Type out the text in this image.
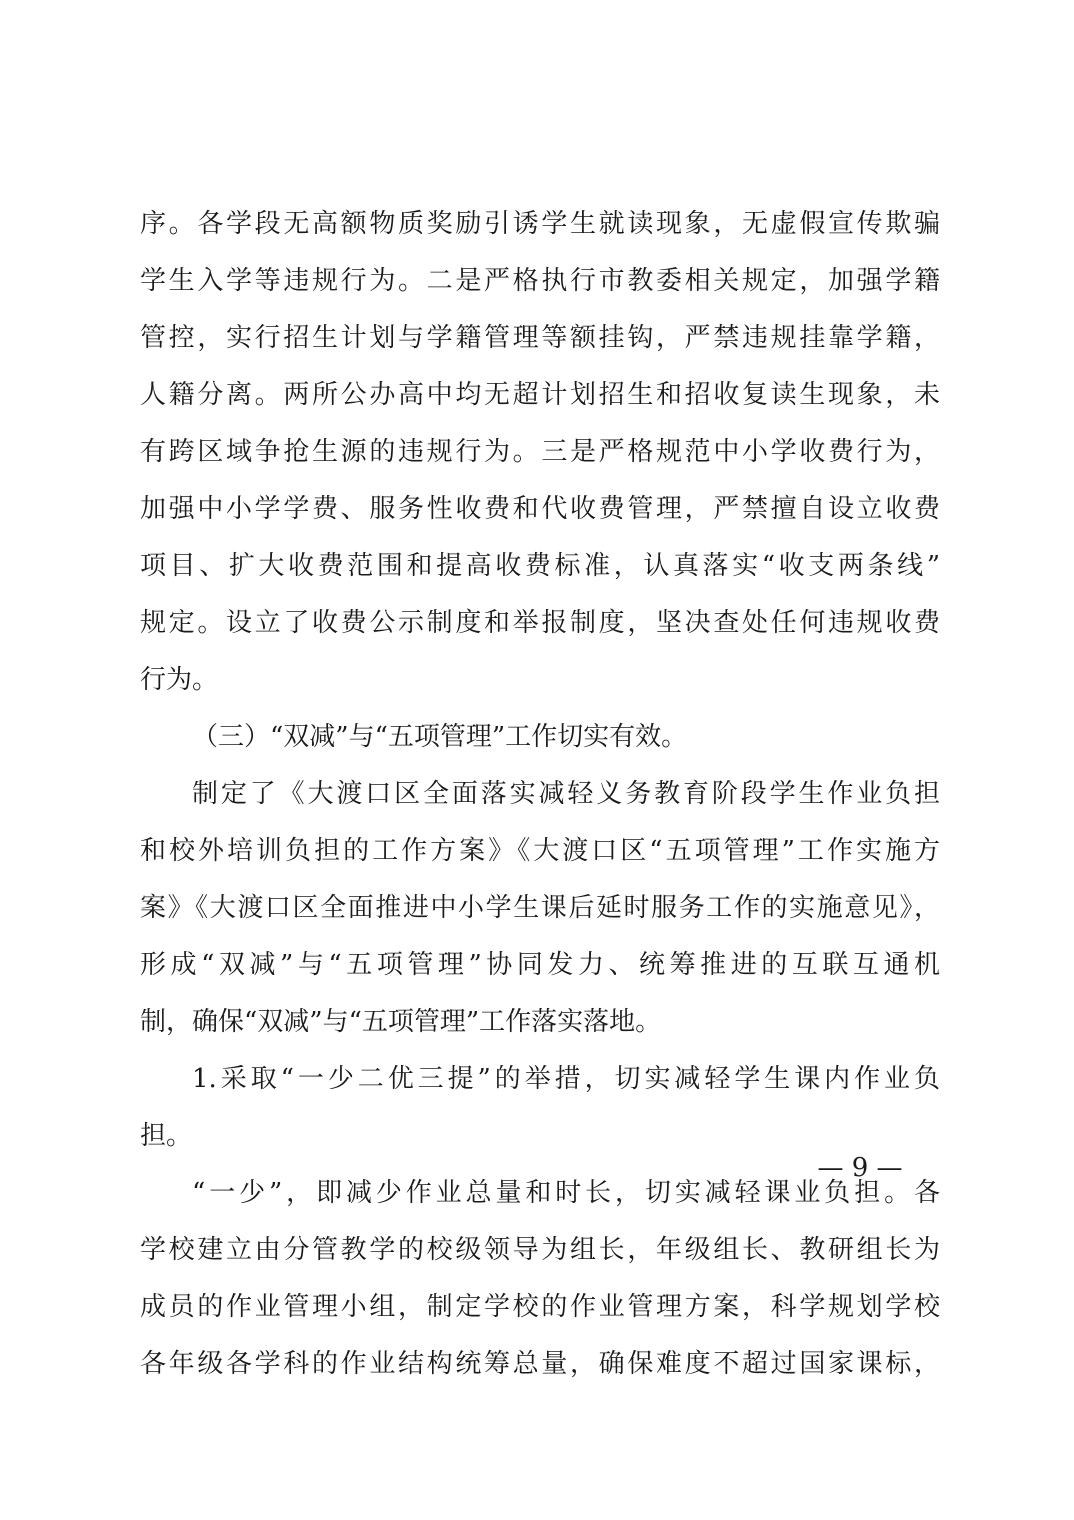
序。各学段无高额物质奖励引诱学生就读现象，无虚假宣传欺骗
学生入学等违规行为。二是严格执行市教委相关规定，加强学籍
管控，实行招生计划与学籍管理等额挂钩，严禁违规挂靠学籍，
人籍分离。两所公办高中均无超计划招生和招收复读生现象，未
有跨区域争抢生源的违规行为。三是严格规范中小学收费行为，
加强中小学学费、服务性收费和代收费管理，严禁擅自设立收费
项目、扩大收费范围和提高收费标准，认真落实“收支两条线”
规定。设立了收费公示制度和举报制度，坚决查处任何违规收费
行为。
（三）“双减”与“五项管理”工作切实有效。
制定了《大渡口区全面落实减轻义务教育阶段学生作业负担
和校外培训负担的工作方案》《大渡口区“五项管理”工作实施方
案》《大渡口区全面推进中小学生课后延时服务工作的实施意见》，
形成“双减”与“五项管理”协同发力、统筹推进的互联互通机
制，确保“双减”与“五项管理”工作落实落地。
1.采取“一少二优三提”的举措，切实减轻学生课内作业负
担。
“一少”，即减少作业总量和时长，切实减轻课业负担。各
学校建立由分管教学的校级领导为组长，年级组长、教研组长为
成员的作业管理小组，制定学校的作业管理方案，科学规划学校
各年级各学科的作业结构统筹总量，确保难度不超过国家课标，
— 9 —
